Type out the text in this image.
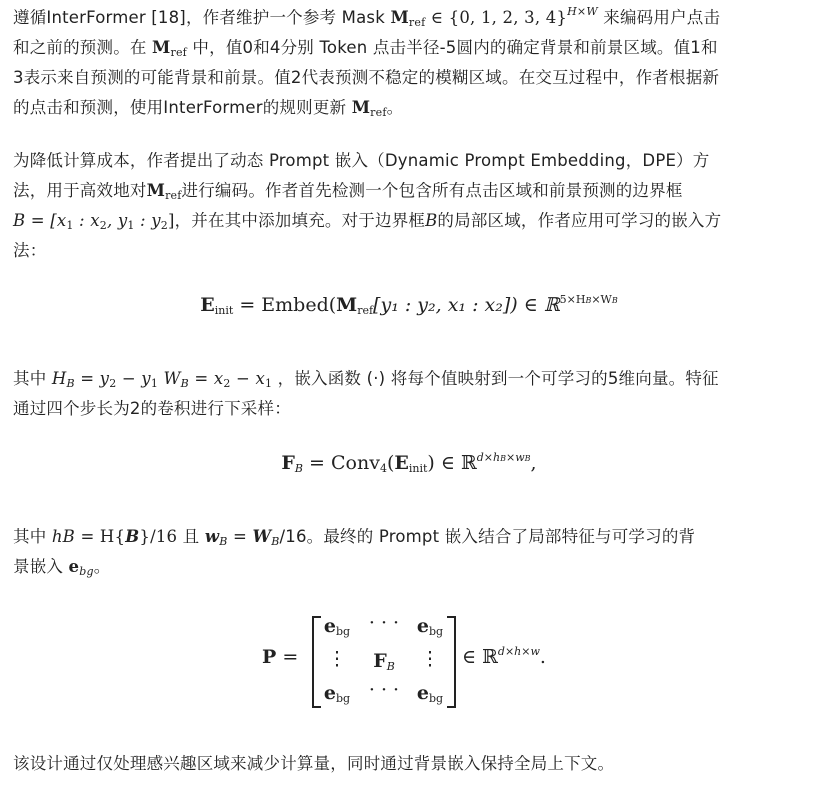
遵循InterFormer [18]，作者维护一个参考 Mask $M_{ref}$ ∈ {0, 1, 2, 3, 4}$^{H\times W}$ 来编码用户点击
和之前的预测。在 $M_{ref}$ 中，值0和4分别 Token 点击半径-5圆内的确定背景和前景区域。值1和
3表示来自预测的可能背景和前景。值2代表预测不稳定的模糊区域。在交互过程中，作者根据新
的点击和预测，使用InterFormer的规则更新 $M_{ref}$。
为降低计算成本，作者提出了动态 Prompt 嵌入（Dynamic Prompt Embedding，DPE）方
法，用于高效地对$M_{ref}$进行编码。作者首先检测一个包含所有点击区域和前景预测的边界框
$B = [x_1$ : $x_2$, $y_1$ : $y_2$]，并在其中添加填充。对于边界框B的局部区域，作者应用可学习的嵌入方
法：
$E_{init}$ = $Embed(M_{ref}[y_1$ : y₂, x₁ : x₂]) ∈ ℝ$^{5\times HB\times WB}$
其中 $H_B = y_2 - y_1$ $W_B = x_2 - x_1$ ，嵌入函数 (·) 将每个值映射到一个可学习的5维向量。特征
通过四个步长为2的卷积进行下采样：
$F_B$ = $Conv_4(E_{init})$ ∈ ℝ$^{d\times hB\times wB}$,
其中 hB = H{B}/16 且 $w_B = W_B/16$。最终的 Prompt 嵌入结合了局部特征与可学习的背
景嵌入 $e_{bg}$。
P =
$e_{bg}$ · · · $e_{bg}$
⋮	$F_B$	⋮
$e_{bg}$ · · · $e_{bg}$
∈ ℝ$^{d\times h\times w}$.
该设计通过仅处理感兴趣区域来减少计算量，同时通过背景嵌入保持全局上下文。
